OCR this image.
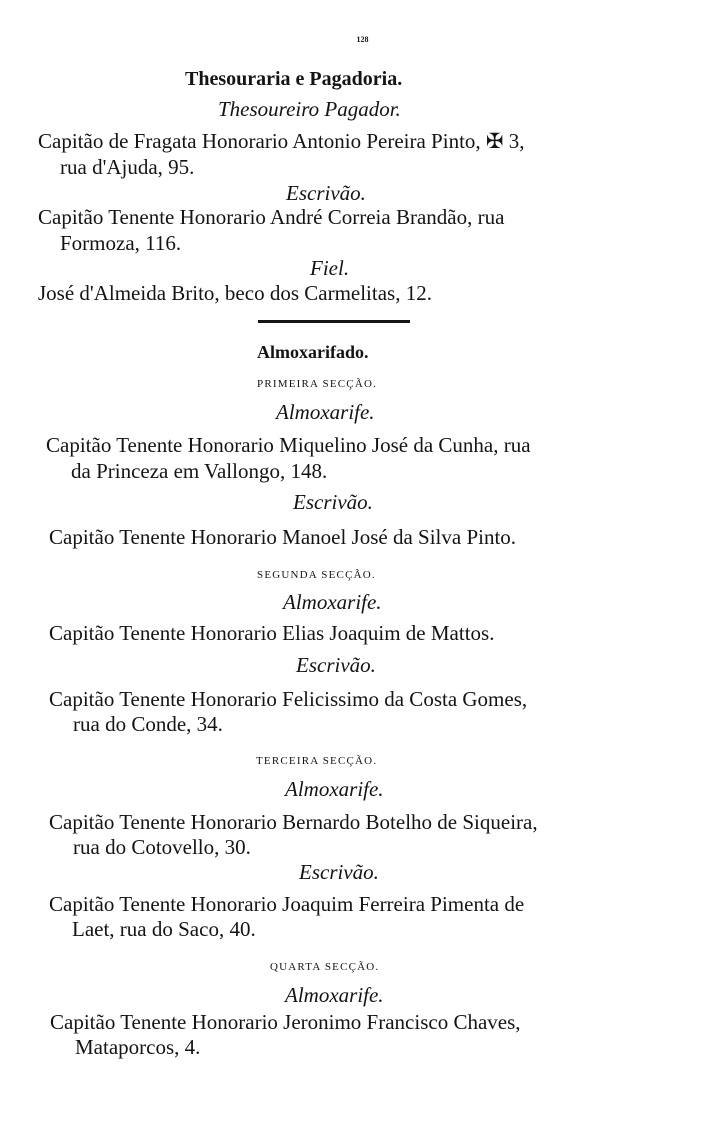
128
Thesouraria e Pagadoria.
Thesoureiro Pagador.
Capitão de Fragata Honorario Antonio Pereira Pinto, ✠ 3,
rua d'Ajuda, 95.
Escrivão.
Capitão Tenente Honorario André Correia Brandão, rua
Formoza, 116.
Fiel.
José d'Almeida Brito, beco dos Carmelitas, 12.
Almoxarifado.
PRIMEIRA SECÇÃO.
Almoxarife.
Capitão Tenente Honorario Miquelino José da Cunha, rua
da Princeza em Vallongo, 148.
Escrivão.
Capitão Tenente Honorario Manoel José da Silva Pinto.
SEGUNDA SECÇÃO.
Almoxarife.
Capitão Tenente Honorario Elias Joaquim de Mattos.
Escrivão.
Capitão Tenente Honorario Felicissimo da Costa Gomes,
rua do Conde, 34.
TERCEIRA SECÇÃO.
Almoxarife.
Capitão Tenente Honorario Bernardo Botelho de Siqueira,
rua do Cotovello, 30.
Escrivão.
Capitão Tenente Honorario Joaquim Ferreira Pimenta de
Laet, rua do Saco, 40.
QUARTA SECÇÃO.
Almoxarife.
Capitão Tenente Honorario Jeronimo Francisco Chaves,
Mataporcos, 4.
